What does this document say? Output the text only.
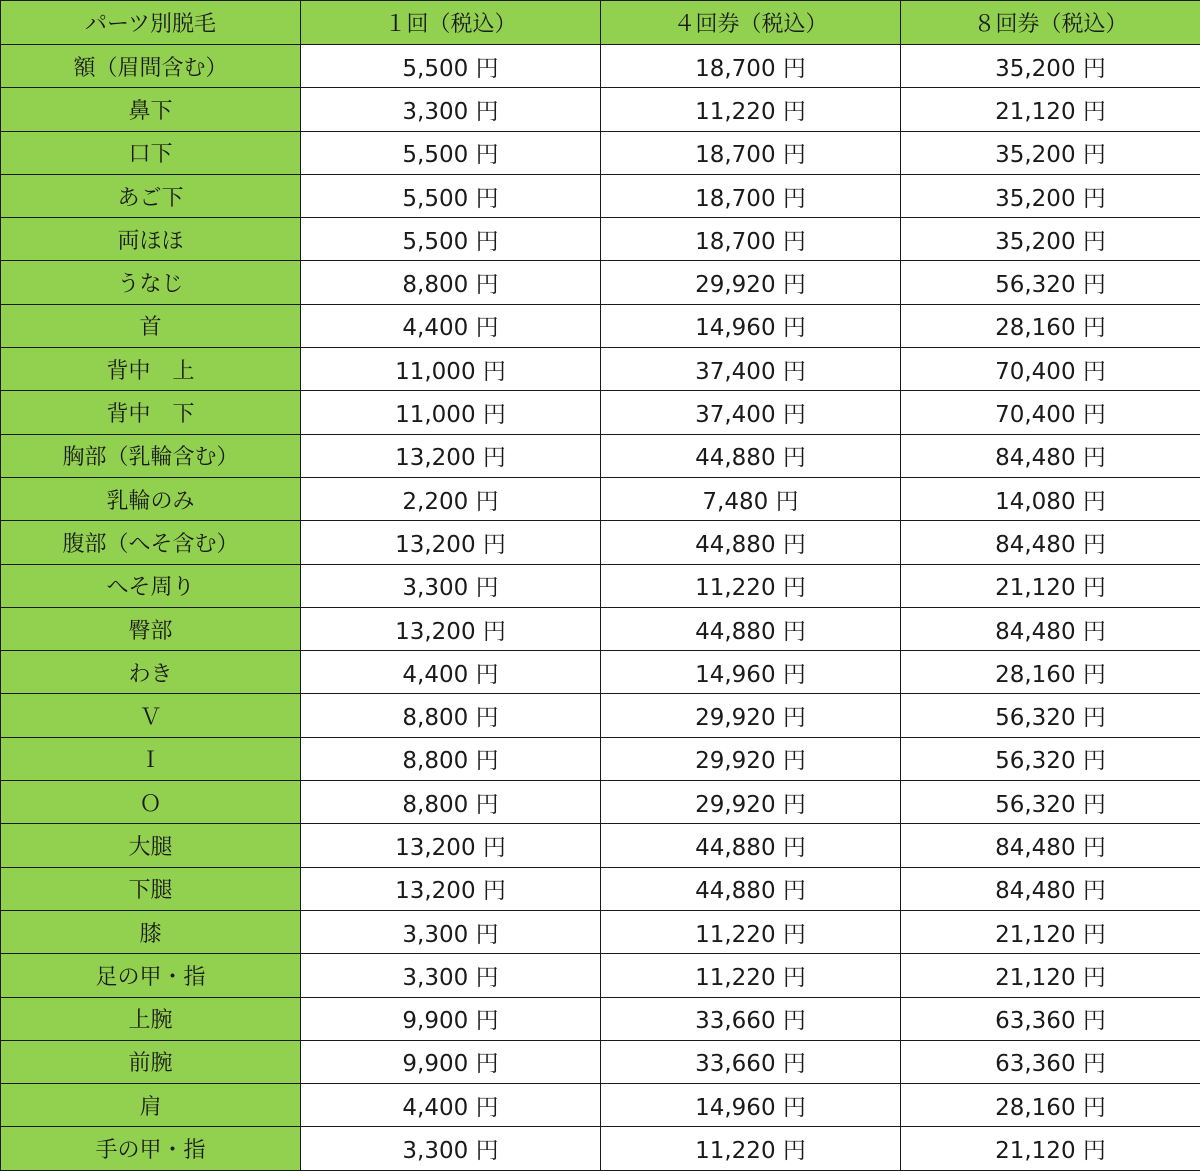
パーツ別脱毛	１回（税込）	４回券（税込）	８回券（税込）
額（眉間含む）	5,500 円	18,700 円	35,200 円
鼻下	3,300 円	11,220 円	21,120 円
口下	5,500 円	18,700 円	35,200 円
あご下	5,500 円	18,700 円	35,200 円
両ほほ	5,500 円	18,700 円	35,200 円
うなじ	8,800 円	29,920 円	56,320 円
首	4,400 円	14,960 円	28,160 円
背中　上	11,000 円	37,400 円	70,400 円
背中　下	11,000 円	37,400 円	70,400 円
胸部（乳輪含む）	13,200 円	44,880 円	84,480 円
乳輪のみ	2,200 円	7,480 円	14,080 円
腹部（へそ含む）	13,200 円	44,880 円	84,480 円
へそ周り	3,300 円	11,220 円	21,120 円
臀部	13,200 円	44,880 円	84,480 円
わき	4,400 円	14,960 円	28,160 円
Ｖ	8,800 円	29,920 円	56,320 円
Ｉ	8,800 円	29,920 円	56,320 円
Ｏ	8,800 円	29,920 円	56,320 円
大腿	13,200 円	44,880 円	84,480 円
下腿	13,200 円	44,880 円	84,480 円
膝	3,300 円	11,220 円	21,120 円
足の甲・指	3,300 円	11,220 円	21,120 円
上腕	9,900 円	33,660 円	63,360 円
前腕	9,900 円	33,660 円	63,360 円
肩	4,400 円	14,960 円	28,160 円
手の甲・指	3,300 円	11,220 円	21,120 円
